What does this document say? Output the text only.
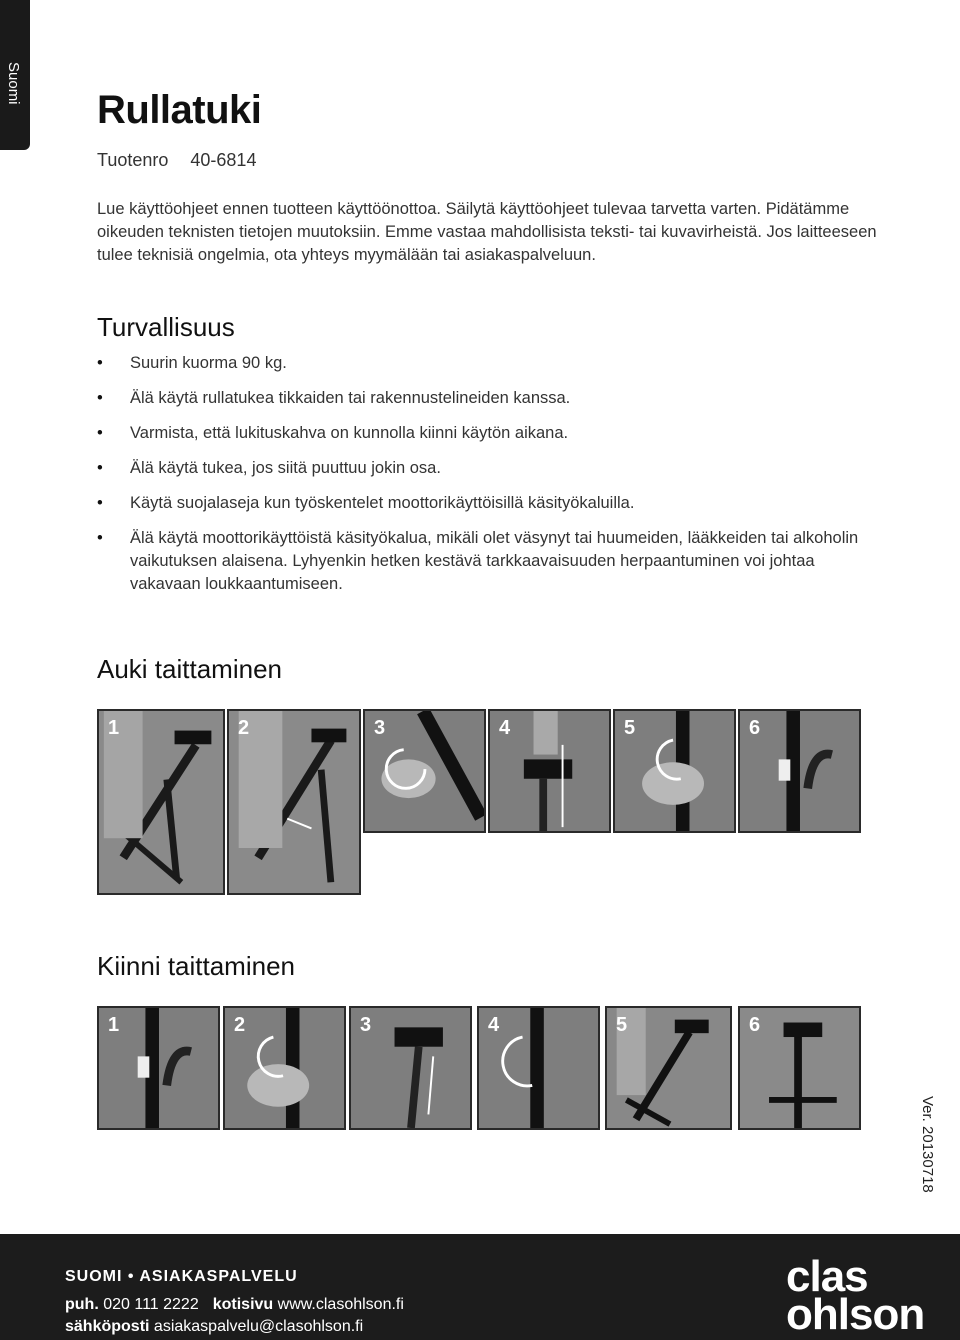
Suomi
Rullatuki
Tuotenro 40-6814

Lue käyttöohjeet ennen tuotteen käyttöönottoa. Säilytä käyttöohjeet tulevaa tarvetta varten. Pidätämme oikeuden teknisten tietojen muutoksiin. Emme vastaa mahdollisista teksti- tai kuvavirheistä. Jos laitteeseen tulee teknisiä ongelmia, ota yhteys myymälään tai asiakaspalveluun.

Turvallisuus
• Suurin kuorma 90 kg.
• Älä käytä rullatukea tikkaiden tai rakennustelineiden kanssa.
• Varmista, että lukituskahva on kunnolla kiinni käytön aikana.
• Älä käytä tukea, jos siitä puuttuu jokin osa.
• Käytä suojalaseja kun työskentelet moottorikäyttöisillä käsityökaluilla.
• Älä käytä moottorikäyttöistä käsityökalua, mikäli olet väsynyt tai huumeiden, lääkkeiden tai alkoholin vaikutuksen alaisena. Lyhyenkin hetken kestävä tarkkaavaisuuden herpaantuminen voi johtaa vakavaan loukkaantumiseen.
Auki taittaminen
1	2	3	4	5	6
Kiinni taittaminen
1	2	3	4	5	6
Ver. 20130718
SUOMI • ASIAKASPALVELU
puh. 020 111 2222 kotisivu www.clasohlson.fi
sähköposti asiakaspalvelu@clasohlson.fi
clas
ohlson
